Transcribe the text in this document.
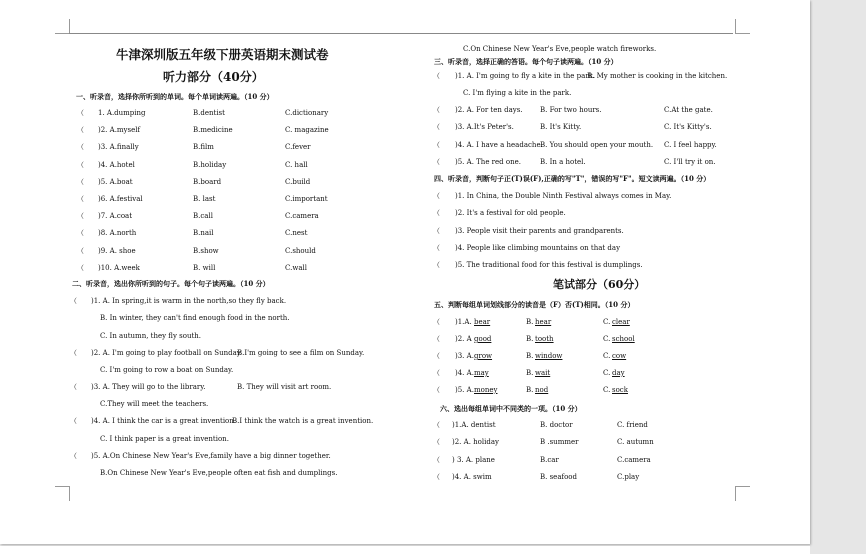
牛津深圳版五年级下册英语期末测试卷
听力部分（40分）
一、听录音，选择你所听到的单词。每个单词读两遍。（10 分）
（ 1. A.dumping	B.dentist	C.dictionary
（ )2. A.myself	B.medicine	C. magazine
（ )3. A.finally	B.film	C.fever
（ )4. A.hotel	B.holiday	C. hall
（ )5. A.boat	B.board	C.build
（ )6. A.festival	B. last	C.important
（ )7. A.coat	B.call	C.camera
（ )8. A.north	B.nail	C.nest
（ )9. A. shoe	B.show	C.should
（ )10. A.week	B. will	C.wall
二、听录音，选出你所听到的句子。每个句子读两遍。（10 分）
（ )1. A. In spring,it is warm in the north,so they fly back.
B. In winter, they can't find enough food in the north.
C. In autumn, they fly south.
（ )2. A. I'm going to play football on Sunday.
B.I'm going to see a film on Sunday.
C. I'm going to row a boat on Sunday.
（ )3. A. They will go to the library.	B. They will visit art room.
C.They will meet the teachers.
（ )4. A. I think the car is a great invention.
B.I think the watch is a great invention.
C. I think paper is a great invention.
（ )5. A.On Chinese New Year's Eve,family have a big dinner together.
B.On Chinese New Year's Eve,people often eat fish and dumplings.
C.On Chinese New Year's Eve,people watch fireworks.
三、听录音，选择正确的答语。每个句子读两遍。（10 分）
（ )1. A. I'm going to fly a kite in the park.
B. My mother is cooking in the kitchen.
C. I'm flying a kite in the park.
（ )2. A. For ten days. B. For two hours.	C.At the gate.
（ )3. A.It's Peter's.	B. It's Kitty.	C. It's Kitty's.
（ )4. A. I have a headache.
B. You should open your mouth. C. I feel happy.
（ )5. A. The red one.	B. In a hotel.	C. I'll try it on.
四、听录音，判断句子正(T)误(F),正确的写"T"，错误的写"F"。短文读两遍。（10 分）
（ )1. In China, the Double Ninth Festival always comes in May.
（ )2. It's a festival for old people.
（ )3. People visit their parents and grandparents.
（ )4. People like climbing mountains on that day
（ )5. The traditional food for this festival is dumplings.
笔试部分（60分）
五、判断每组单词划线部分的读音是（F）否(T)相同。（10 分）
（ )1.A. bear	B. hear	C. clear
（ )2. A good	B. tooth	C. school
（ )3. A. grow	B. window	C. cow
（ )4. A. may	B. wait	C. day
（ )5. A. money	B. nod	C. sock
六、选出每组单词中不同类的一项。（10 分）
（ )1.A. dentist	B. doctor	C. friend
（ )2. A. holiday	B .summer	C. autumn
（ ) 3. A. plane	B.car	C.camera
（ )4. A. swim	B. seafood	C.play
